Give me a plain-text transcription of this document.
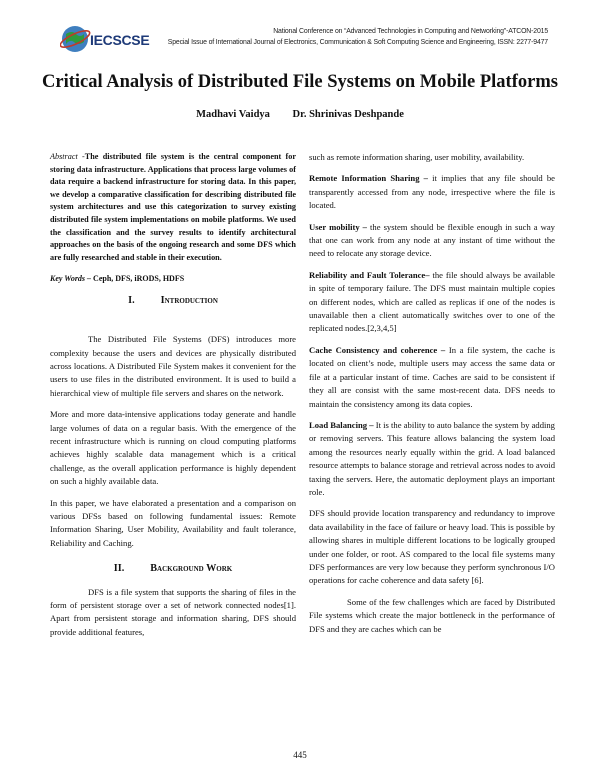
IECSCSE
National Conference on “Advanced Technologies in Computing and Networking"-ATCON-2015
Special Issue of International Journal of Electronics, Communication & Soft Computing Science and Engineering, ISSN: 2277-9477
Critical Analysis of Distributed File Systems on Mobile Platforms
Madhavi Vaidya Dr. Shrinivas Deshpande

Abstract -The distributed file system is the central component for storing data infrastructure. Applications that process large volumes of data require a backend infrastructure for storing data. In this paper, we develop a comparative classification for describing distributed file system architectures and use this categorization to survey existing distributed file system implementations on mobile platforms. We used the classification and the survey results to identify architectural approaches on the basis of the ongoing research and some DFS which are fully researched and stable in their execution.

Key Words – Ceph, DFS, iRODS, HDFS

I.	Introduction

The Distributed File Systems (DFS) introduces more complexity because the users and devices are physically distributed across locations. A Distributed File System makes it convenient for the users to use files in the distributed environment. It is used to build a hierarchical view of multiple file servers and shares on the network.

More and more data-intensive applications today generate and handle large volumes of data on a regular basis. With the emergence of the recent infrastructure which is running on cloud computing platforms achieves highly scalable data management which is a critical challenge, as the overall application performance is highly dependent on such a highly available data.

In this paper, we have elaborated a presentation and a comparison on various DFSs based on following fundamental issues: Remote Information Sharing, User Mobility, Availability and fault tolerance, Reliability and Caching.

II.	Background Work

DFS is a file system that supports the sharing of files in the form of persistent storage over a set of network connected nodes[1]. Apart from persistent storage and information sharing, DFS should provide additional features,

such as remote information sharing, user mobility, availability.

Remote Information Sharing – it implies that any file should be transparently accessed from any node, irrespective where the file is located.

User mobility – the system should be flexible enough in such a way that one can work from any node at any instant of time without the need to relocate any storage device.

Reliability and Fault Tolerance– the file should always be available in spite of temporary failure. The DFS must maintain multiple copies on different nodes, which are called as replicas if one of the nodes is unavailable then a client automatically switches over to one of the replicated nodes.[2,3,4,5]

Cache Consistency and coherence – In a file system, the cache is located on client’s node, multiple users may access the same data or file at a particular instant of time. Caches are said to be consistent if they all are consist with the same most-recent data. DFS needs to maintain the consistency among its data copies.

Load Balancing – It is the ability to auto balance the system by adding or removing servers. This feature allows balancing the system load among the resources nearly equally within the grid. A load balanced resource attempts to balance storage and retrieval across nodes to avoid taxing the servers. Here, the automatic deployment plays an important role.

DFS should provide location transparency and redundancy to improve data availability in the face of failure or heavy load. This is possible by allowing shares in multiple different locations to be logically grouped under one folder, or root. AS compared to the local file systems many DFS performances are very low because they perform synchronous I/O operations for cache coherence and data safety [6].

Some of the few challenges which are faced by Distributed File systems which create the major bottleneck in the performance of DFS and they are caches which can be

445
